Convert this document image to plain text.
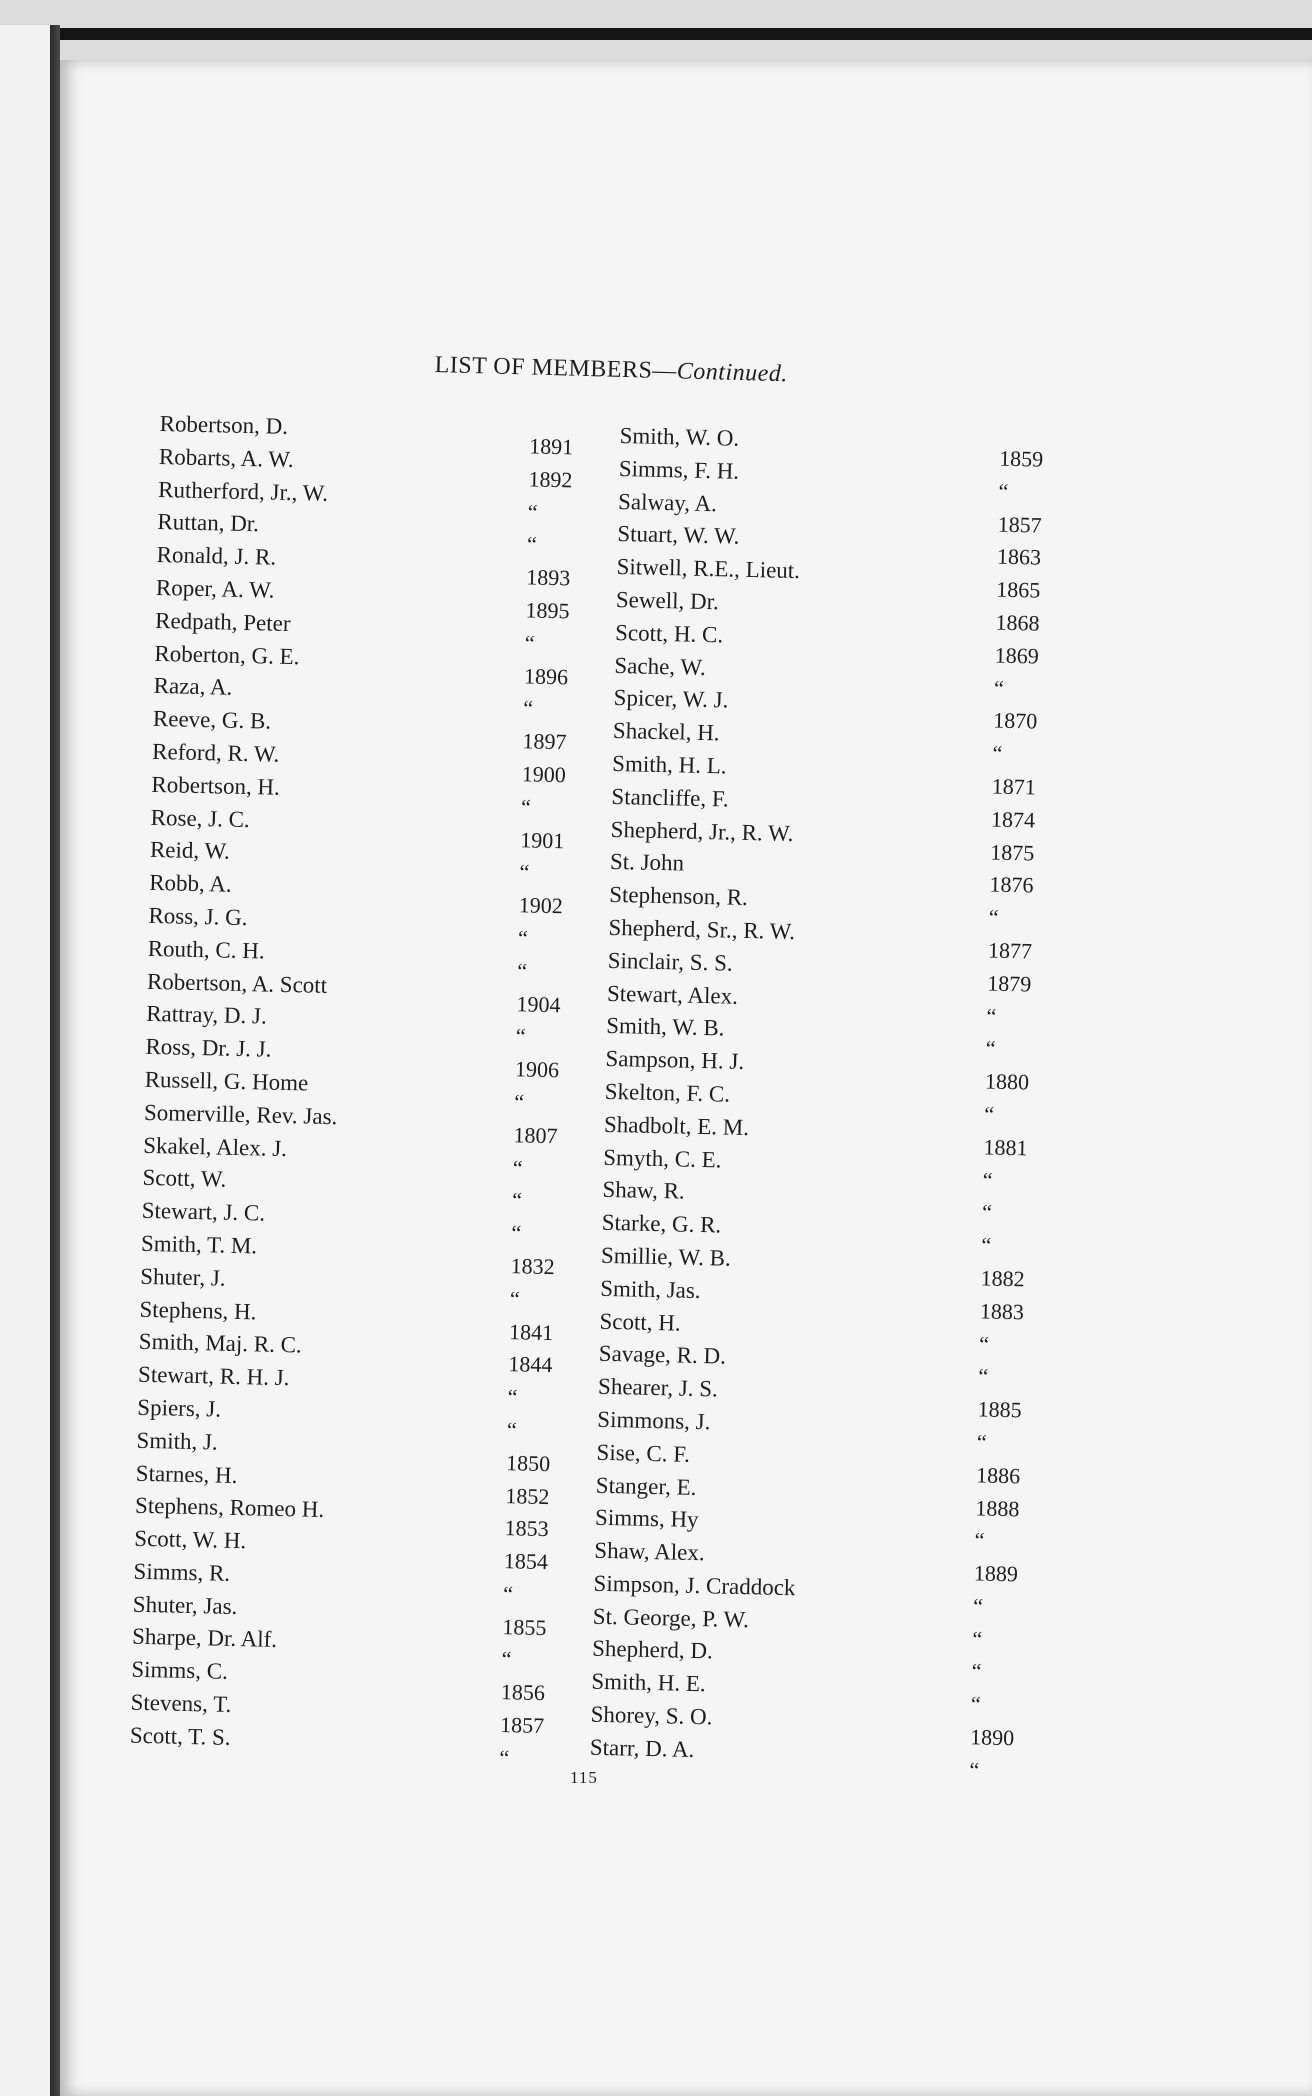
LIST OF MEMBERS—Continued.
Robertson, D.
1891
Robarts, A. W.
1892
Rutherford, Jr., W.
“
Ruttan, Dr.
“
Ronald, J. R.
1893
Roper, A. W.
1895
Redpath, Peter
“
Roberton, G. E.
1896
Raza, A.
“
Reeve, G. B.
1897
Reford, R. W.
1900
Robertson, H.
“
Rose, J. C.
1901
Reid, W.
“
Robb, A.
1902
Ross, J. G.
“
Routh, C. H.
“
Robertson, A. Scott
1904
Rattray, D. J.
“
Ross, Dr. J. J.
1906
Russell, G. Home
“
Somerville, Rev. Jas.
1807
Skakel, Alex. J.
“
Scott, W.
“
Stewart, J. C.
“
Smith, T. M.
1832
Shuter, J.
“
Stephens, H.
1841
Smith, Maj. R. C.
1844
Stewart, R. H. J.
“
Spiers, J.
“
Smith, J.
1850
Starnes, H.
1852
Stephens, Romeo H.
1853
Scott, W. H.
1854
Simms, R.
“
Shuter, Jas.
1855
Sharpe, Dr. Alf.
“
Simms, C.
1856
Stevens, T.
1857
Scott, T. S.
“
Smith, W. O.
1859
Simms, F. H.
“
Salway, A.
1857
Stuart, W. W.
1863
Sitwell, R.E., Lieut.
1865
Sewell, Dr.
1868
Scott, H. C.
1869
Sache, W.
“
Spicer, W. J.
1870
Shackel, H.
“
Smith, H. L.
1871
Stancliffe, F.
1874
Shepherd, Jr., R. W.
1875
St. John
1876
Stephenson, R.
“
Shepherd, Sr., R. W.
1877
Sinclair, S. S.
1879
Stewart, Alex.
“
Smith, W. B.
“
Sampson, H. J.
1880
Skelton, F. C.
“
Shadbolt, E. M.
1881
Smyth, C. E.
“
Shaw, R.
“
Starke, G. R.
“
Smillie, W. B.
1882
Smith, Jas.
1883
Scott, H.
“
Savage, R. D.
“
Shearer, J. S.
1885
Simmons, J.
“
Sise, C. F.
1886
Stanger, E.
1888
Simms, Hy
“
Shaw, Alex.
1889
Simpson, J. Craddock
“
St. George, P. W.
“
Shepherd, D.
“
Smith, H. E.
“
Shorey, S. O.
1890
Starr, D. A.
“
115
